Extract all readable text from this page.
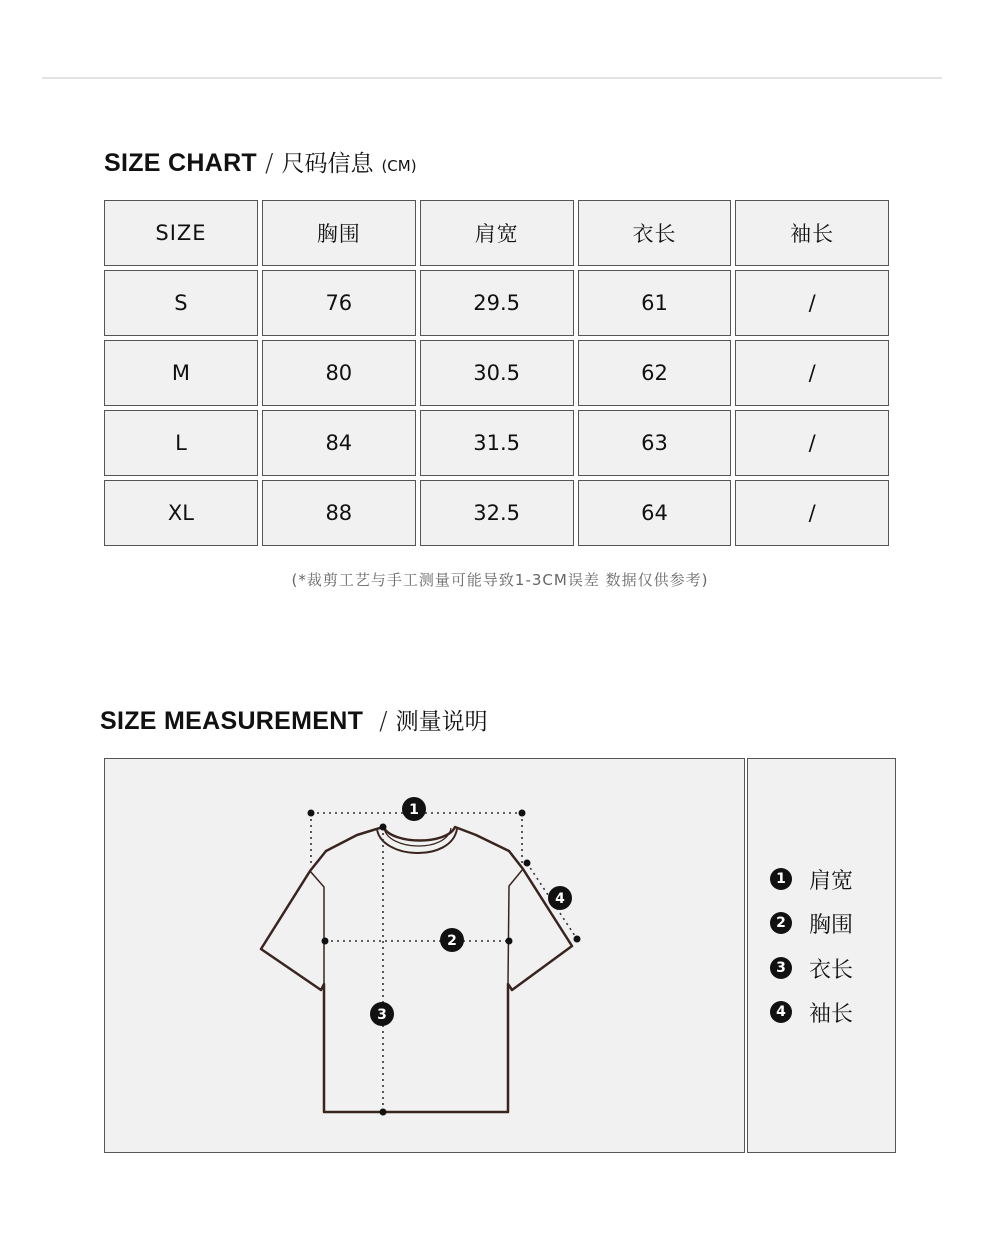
SIZE CHART / 尺码信息 (CM)
SIZE	胸围	肩宽	衣长	袖长
S	76	29.5	61	/
M	80	30.5	62	/
L	84	31.5	63	/
XL	88	32.5	64	/
(*裁剪工艺与手工测量可能导致1-3CM误差 数据仅供参考)
SIZE MEASUREMENT / 测量说明
1
2
3
4
1 肩宽
2 胸围
3 衣长
4 袖长
